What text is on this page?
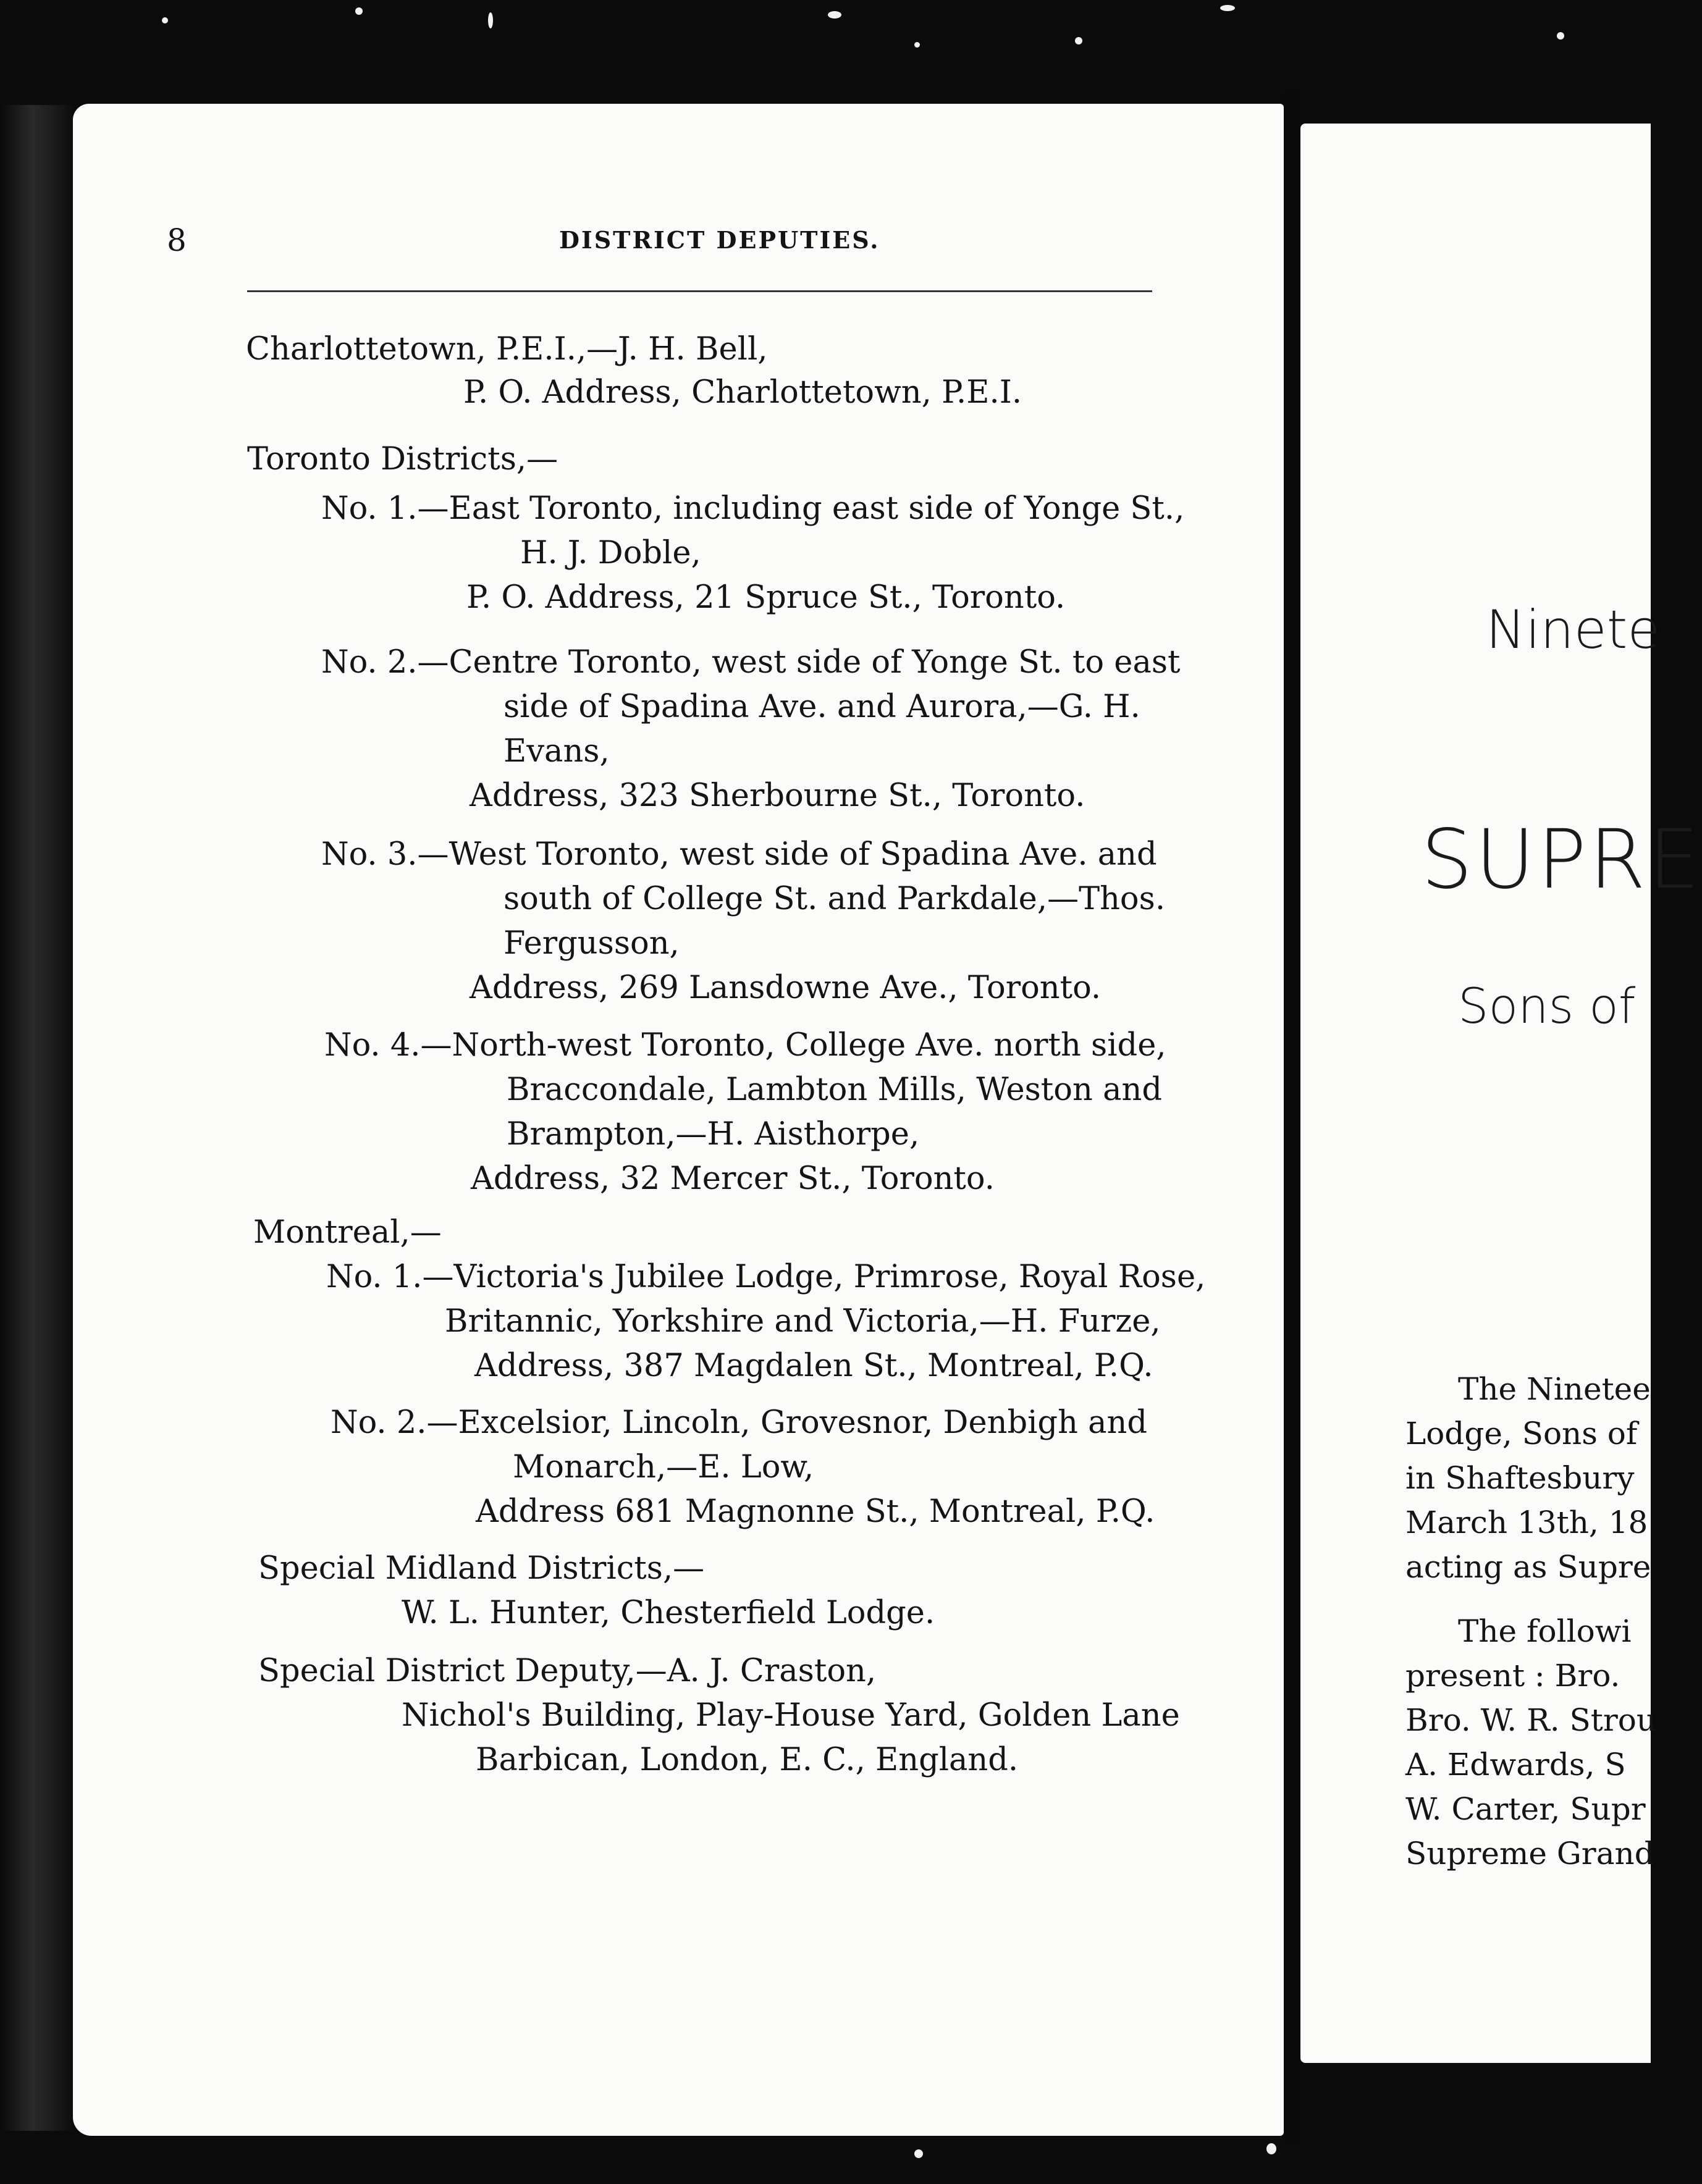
8	DISTRICT DEPUTIES.
Charlottetown, P.E.I.,—J. H. Bell,
P. O. Address, Charlottetown, P.E.I.
Toronto Districts,—
No. 1.—East Toronto, including east side of Yonge St.,
H. J. Doble,
P. O. Address, 21 Spruce St., Toronto.
No. 2.—Centre Toronto, west side of Yonge St. to east
side of Spadina Ave. and Aurora,—G. H.
Evans,
Address, 323 Sherbourne St., Toronto.
No. 3.—West Toronto, west side of Spadina Ave. and
south of College St. and Parkdale,—Thos.
Fergusson,
Address, 269 Lansdowne Ave., Toronto.
No. 4.—North-west Toronto, College Ave. north side,
Braccondale, Lambton Mills, Weston and
Brampton,—H. Aisthorpe,
Address, 32 Mercer St., Toronto.
Montreal,—
No. 1.—Victoria's Jubilee Lodge, Primrose, Royal Rose,
Britannic, Yorkshire and Victoria,—H. Furze,
Address, 387 Magdalen St., Montreal, P.Q.
No. 2.—Excelsior, Lincoln, Grovesnor, Denbigh and
Monarch,—E. Low,
Address 681 Magnonne St., Montreal, P.Q.
Special Midland Districts,—
W. L. Hunter, Chesterfield Lodge.
Special District Deputy,—A. J. Craston,
Nichol's Building, Play-House Yard, Golden Lane
Barbican, London, E. C., England.
Ninete
SUPRE
Sons of
The Ninetee
Lodge, Sons of
in Shaftesbury
March 13th, 18
acting as Supre
The followi
present : Bro.
Bro. W. R. Strou
A. Edwards, S
W. Carter, Supr
Supreme Grand
